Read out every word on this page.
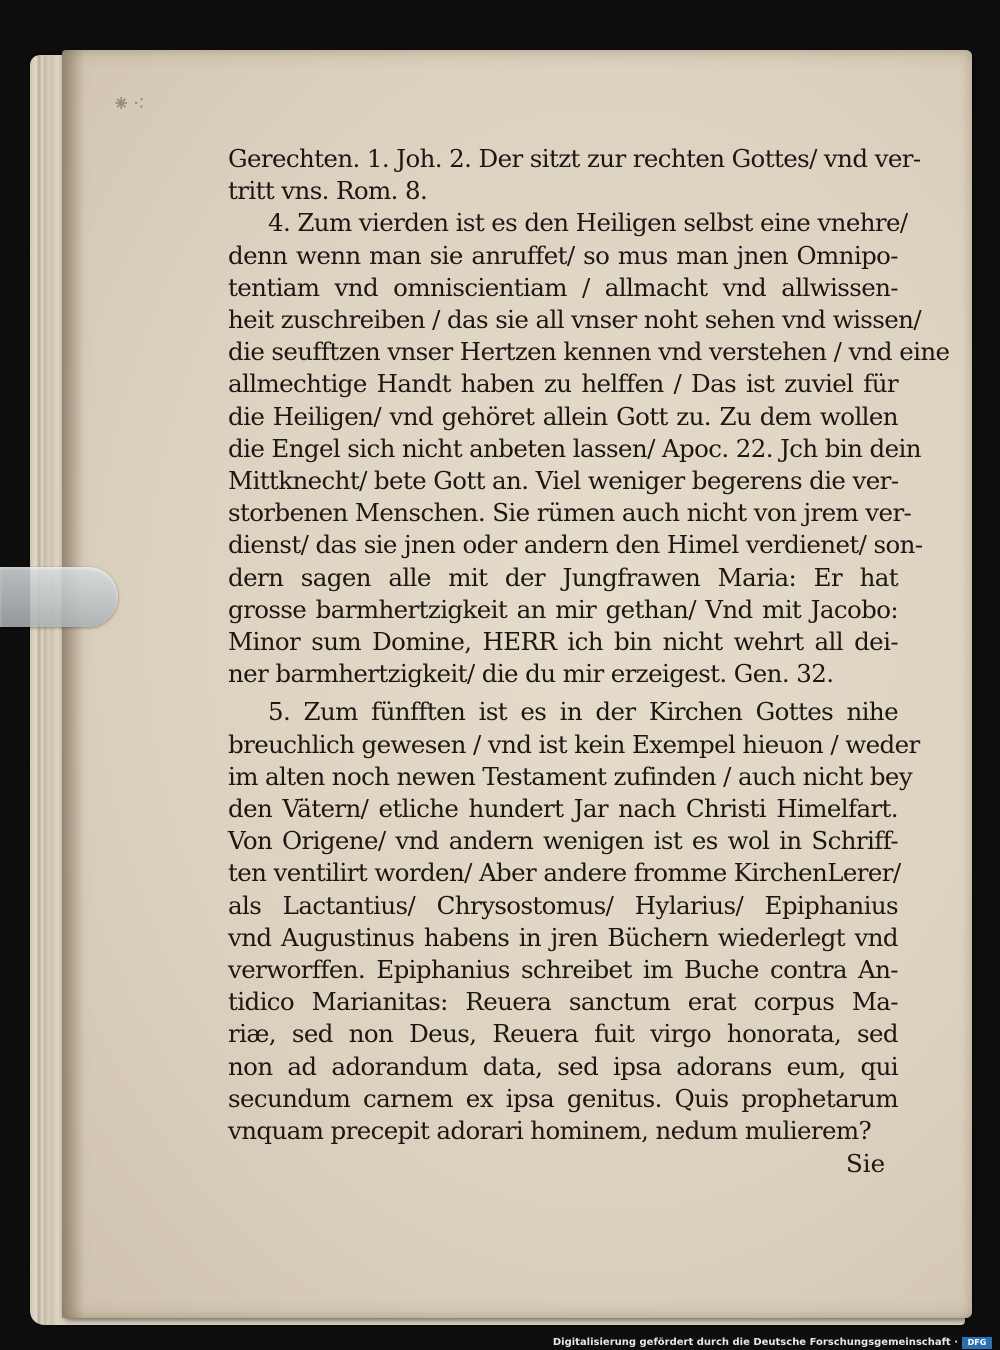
⁕⁖
Gerechten. 1. Joh. 2. Der sitzt zur rechten Gottes/ vnd ver-
tritt vns. Rom. 8.
4. Zum vierden ist es den Heiligen selbst eine vnehre/
denn wenn man sie anruffet/ so mus man jnen Omnipo-
tentiam vnd omniscientiam / allmacht vnd allwissen-
heit zuschreiben / das sie all vnser noht sehen vnd wissen/
die seufftzen vnser Hertzen kennen vnd verstehen / vnd eine
allmechtige Handt haben zu helffen / Das ist zuviel für
die Heiligen/ vnd gehöret allein Gott zu. Zu dem wollen
die Engel sich nicht anbeten lassen/ Apoc. 22. Jch bin dein
Mittknecht/ bete Gott an. Viel weniger begerens die ver-
storbenen Menschen. Sie rümen auch nicht von jrem ver-
dienst/ das sie jnen oder andern den Himel verdienet/ son-
dern sagen alle mit der Jungfrawen Maria: Er hat
grosse barmhertzigkeit an mir gethan/ Vnd mit Jacobo:
Minor sum Domine, HERR ich bin nicht wehrt all dei-
ner barmhertzigkeit/ die du mir erzeigest. Gen. 32.
5. Zum fünfften ist es in der Kirchen Gottes nihe
breuchlich gewesen / vnd ist kein Exempel hieuon / weder
im alten noch newen Testament zufinden / auch nicht bey
den Vätern/ etliche hundert Jar nach Christi Himelfart.
Von Origene/ vnd andern wenigen ist es wol in Schriff-
ten ventilirt worden/ Aber andere fromme KirchenLerer/
als Lactantius/ Chrysostomus/ Hylarius/ Epiphanius
vnd Augustinus habens in jren Büchern wiederlegt vnd
verworffen. Epiphanius schreibet im Buche contra An-
tidico Marianitas: Reuera sanctum erat corpus Ma-
riæ, sed non Deus, Reuera fuit virgo honorata, sed
non ad adorandum data, sed ipsa adorans eum, qui
secundum carnem ex ipsa genitus. Quis prophetarum
vnquam precepit adorari hominem, nedum mulierem?
Sie
Digitalisierung gefördert durch die Deutsche Forschungsgemeinschaft ·	DFG
